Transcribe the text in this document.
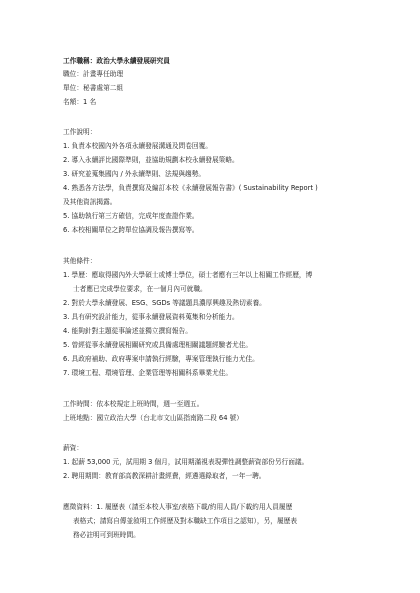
工作職稱：政治大學永續發展研究員
職位：計畫專任助理
單位：秘書處第二組
名額：1 名
工作說明：
1. 負責本校國內外各項永續發展溝通及問卷回覆。
2. 導入永續評比國際準則，並協助規劃本校永續發展策略。
3. 研究並蒐集國內 / 外永續準則、法規與趨勢。
4. 熟悉各方法學，負責撰寫及編訂本校《永續發展報告書》( Sustainability Report )
及其他資訊揭露。
5. 協助執行第三方確信，完成年度查證作業。
6. 本校相關單位之跨單位協調及報告撰寫等。
其他條件：
1. 學歷：應取得國內外大學碩士或博士學位，碩士者應有三年以上相關工作經歷，博
士者應已完成學位要求，在一個月內可就職。
2. 對於大學永續發展、ESG、SGDs 等議題具濃厚興趣及熱切素養。
3. 具有研究設計能力，從事永續發展資料蒐集和分析能力。
4. 能夠針對主題從事論述並獨立撰寫報告。
5. 曾經從事永續發展相關研究或具備處理相關議題經驗者尤佳。
6. 具政府補助、政府專案申請執行經驗，專案管理執行能力尤佳。
7. 環境工程、環境管理、企業管理等相關科系畢業尤佳。
工作時間：依本校規定上班時間，週一至週五。
上班地點：國立政治大學（台北市文山區指南路二段 64 號）
薪資：
1. 起薪 53,000 元，試用期 3 個月，試用期滿視表現彈性調整薪資部份另行面議。
2. 聘用期間：教育部高教深耕計畫經費，經遴選錄取者，一年一聘。
應徵資料：1. 履歷表（請至本校人事室/表格下載/約用人員/下載約用人員履歷
表格式；請寫自傳並敘明工作經歷及對本職缺工作項目之認知），另，履歷表
務必註明可到班時間。
